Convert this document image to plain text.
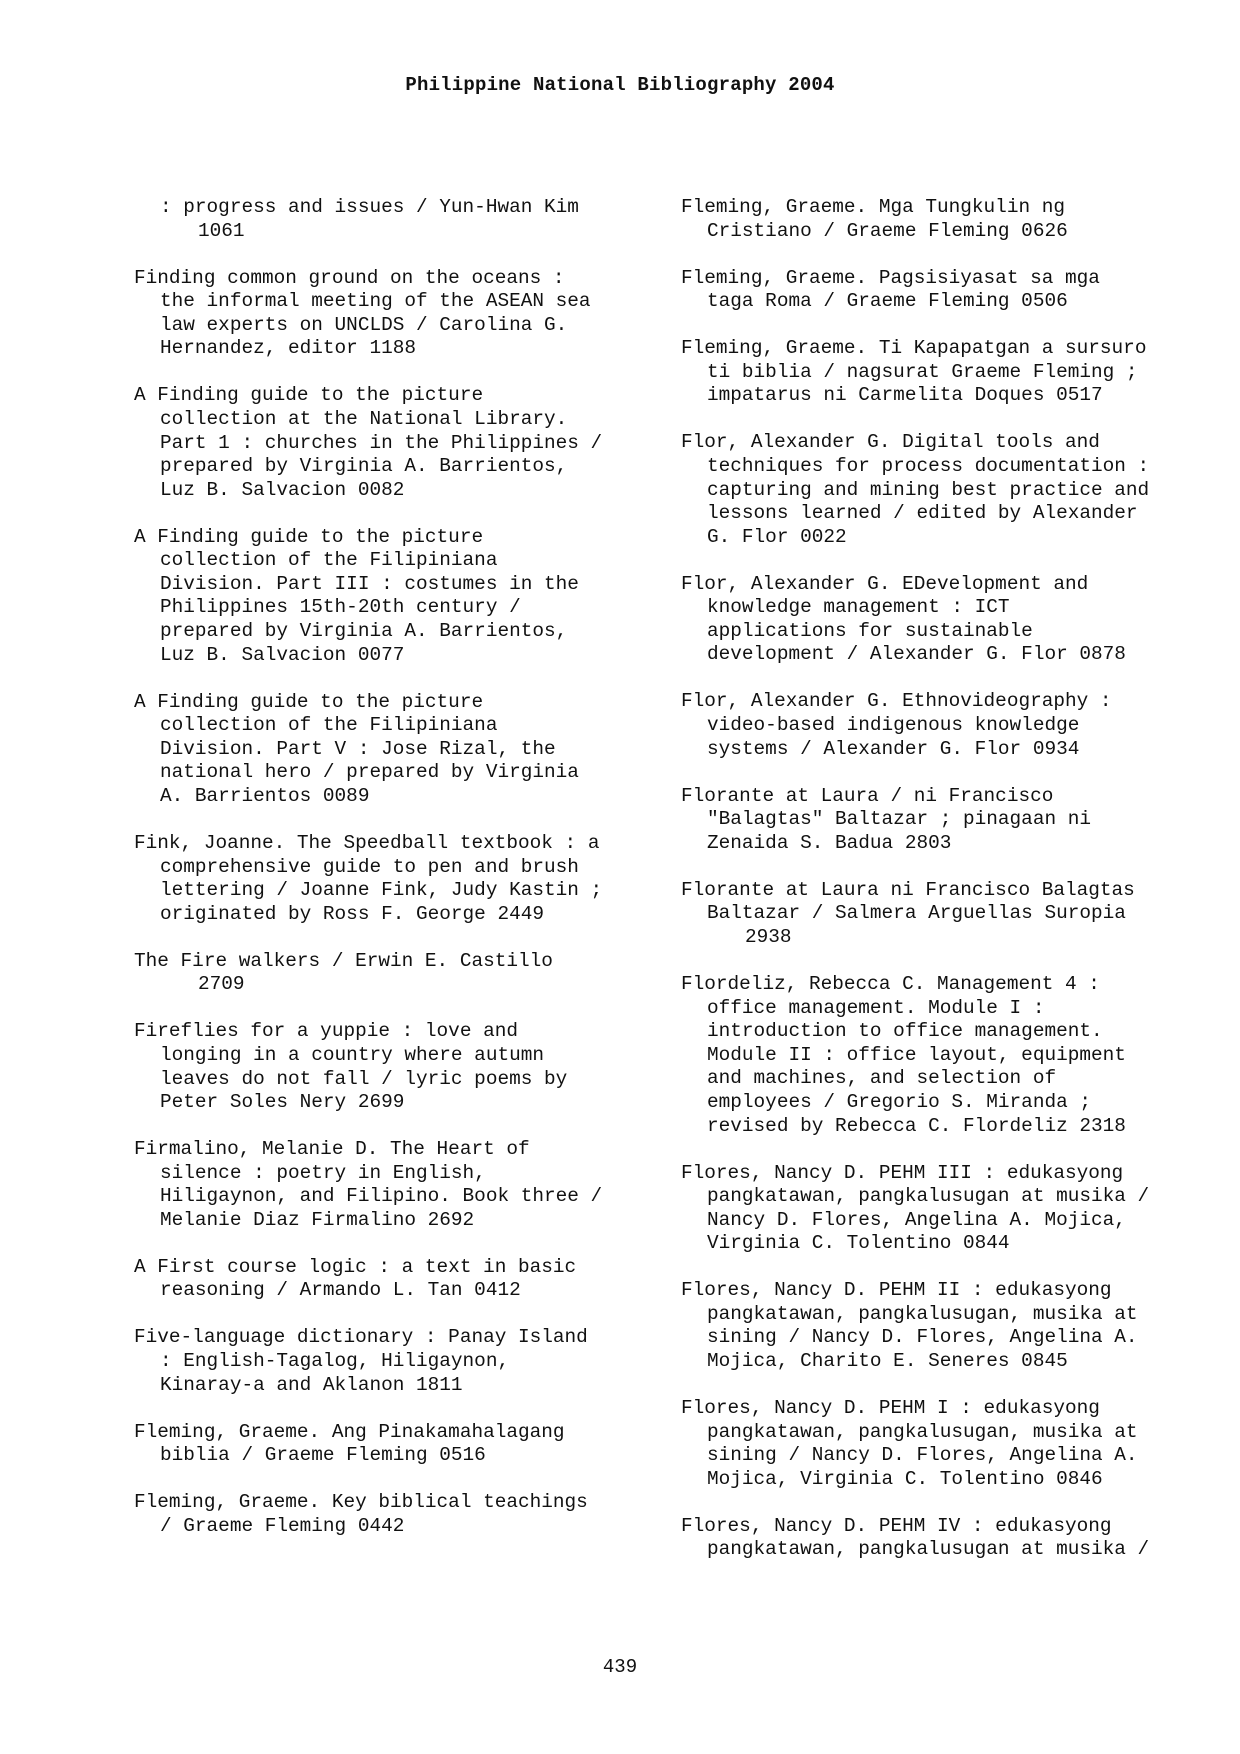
Philippine National Bibliography 2004
: progress and issues / Yun-Hwan Kim
1061
Finding common ground on the oceans :
the informal meeting of the ASEAN sea
law experts on UNCLDS / Carolina G.
Hernandez, editor 1188
A Finding guide to the picture
collection at the National Library.
Part 1 : churches in the Philippines /
prepared by Virginia A. Barrientos,
Luz B. Salvacion 0082
A Finding guide to the picture
collection of the Filipiniana
Division. Part III : costumes in the
Philippines 15th-20th century /
prepared by Virginia A. Barrientos,
Luz B. Salvacion 0077
A Finding guide to the picture
collection of the Filipiniana
Division. Part V : Jose Rizal, the
national hero / prepared by Virginia
A. Barrientos 0089
Fink, Joanne. The Speedball textbook : a
comprehensive guide to pen and brush
lettering / Joanne Fink, Judy Kastin ;
originated by Ross F. George 2449
The Fire walkers / Erwin E. Castillo
2709
Fireflies for a yuppie : love and
longing in a country where autumn
leaves do not fall / lyric poems by
Peter Soles Nery 2699
Firmalino, Melanie D. The Heart of
silence : poetry in English,
Hiligaynon, and Filipino. Book three /
Melanie Diaz Firmalino 2692
A First course logic : a text in basic
reasoning / Armando L. Tan 0412
Five-language dictionary : Panay Island
: English-Tagalog, Hiligaynon,
Kinaray-a and Aklanon 1811
Fleming, Graeme. Ang Pinakamahalagang
biblia / Graeme Fleming 0516
Fleming, Graeme. Key biblical teachings
/ Graeme Fleming 0442
Fleming, Graeme. Mga Tungkulin ng
Cristiano / Graeme Fleming 0626
Fleming, Graeme. Pagsisiyasat sa mga
taga Roma / Graeme Fleming 0506
Fleming, Graeme. Ti Kapapatgan a sursuro
ti biblia / nagsurat Graeme Fleming ;
impatarus ni Carmelita Doques 0517
Flor, Alexander G. Digital tools and
techniques for process documentation :
capturing and mining best practice and
lessons learned / edited by Alexander
G. Flor 0022
Flor, Alexander G. EDevelopment and
knowledge management : ICT
applications for sustainable
development / Alexander G. Flor 0878
Flor, Alexander G. Ethnovideography :
video-based indigenous knowledge
systems / Alexander G. Flor 0934
Florante at Laura / ni Francisco
"Balagtas" Baltazar ; pinagaan ni
Zenaida S. Badua 2803
Florante at Laura ni Francisco Balagtas
Baltazar / Salmera Arguellas Suropia
2938
Flordeliz, Rebecca C. Management 4 :
office management. Module I :
introduction to office management.
Module II : office layout, equipment
and machines, and selection of
employees / Gregorio S. Miranda ;
revised by Rebecca C. Flordeliz 2318
Flores, Nancy D. PEHM III : edukasyong
pangkatawan, pangkalusugan at musika /
Nancy D. Flores, Angelina A. Mojica,
Virginia C. Tolentino 0844
Flores, Nancy D. PEHM II : edukasyong
pangkatawan, pangkalusugan, musika at
sining / Nancy D. Flores, Angelina A.
Mojica, Charito E. Seneres 0845
Flores, Nancy D. PEHM I : edukasyong
pangkatawan, pangkalusugan, musika at
sining / Nancy D. Flores, Angelina A.
Mojica, Virginia C. Tolentino 0846
Flores, Nancy D. PEHM IV : edukasyong
pangkatawan, pangkalusugan at musika /
439
